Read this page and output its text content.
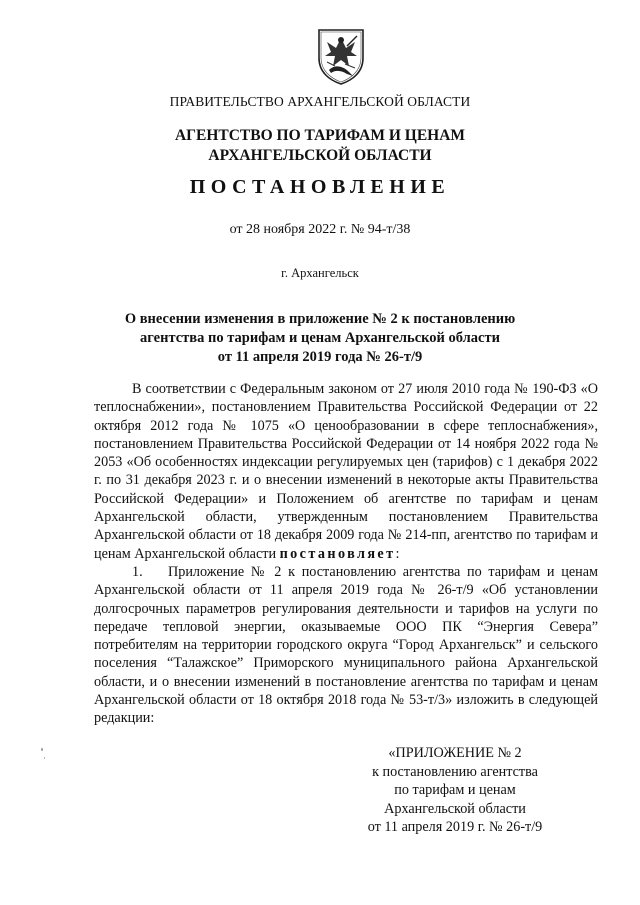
ПРАВИТЕЛЬСТВО АРХАНГЕЛЬСКОЙ ОБЛАСТИ
АГЕНТСТВО ПО ТАРИФАМ И ЦЕНАМ
АРХАНГЕЛЬСКОЙ ОБЛАСТИ
ПОСТАНОВЛЕНИЕ
от 28 ноября 2022 г. № 94-т/38
г. Архангельск
О внесении изменения в приложение № 2 к постановлению
агентства по тарифам и ценам Архангельской области
от 11 апреля 2019 года № 26-т/9

В соответствии с Федеральным законом от 27 июля 2010 года № 190-ФЗ «О теплоснабжении», постановлением Правительства Российской Федерации от 22 октября 2012 года № 1075 «О ценообразовании в сфере теплоснабжения», постановлением Правительства Российской Федерации от 14 ноября 2022 года № 2053 «Об особенностях индексации регулируемых цен (тарифов) с 1 декабря 2022 г. по 31 декабря 2023 г. и о внесении изменений в некоторые акты Правительства Российской Федерации» и Положением об агентстве по тарифам и ценам Архангельской области, утвержденным постановлением Правительства Архангельской области от 18 декабря 2009 года № 214-пп, агентство по тарифам и ценам Архангельской области постановляет:

1. Приложение № 2 к постановлению агентства по тарифам и ценам Архангельской области от 11 апреля 2019 года № 26-т/9 «Об установлении долгосрочных параметров регулирования деятельности и тарифов на услуги по передаче тепловой энергии, оказываемые ООО ПК “Энергия Севера” потребителям на территории городского округа “Город Архангельск” и сельского поселения “Талажское” Приморского муниципального района Архангельской области, и о внесении изменений в постановление агентства по тарифам и ценам Архангельской области от 18 октября 2018 года № 53-т/3» изложить в следующей редакции:

«ПРИЛОЖЕНИЕ № 2
к постановлению агентства
по тарифам и ценам
Архангельской области
от 11 апреля 2019 г. № 26-т/9
